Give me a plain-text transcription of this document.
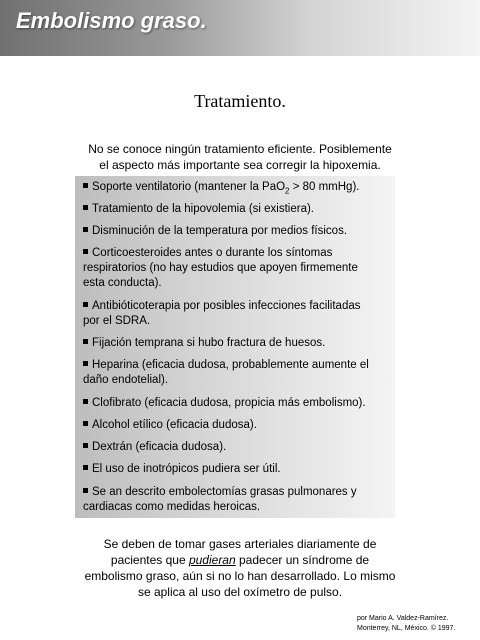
Embolismo graso.
Tratamiento.
No se conoce ningún tratamiento eficiente. Posiblemente
el aspecto más importante sea corregir la hipoxemia.
Soporte ventilatorio (mantener la PaO$_2$ > 80 mmHg).
Tratamiento de la hipovolemia (si existiera).
Disminución de la temperatura por medios físicos.
Corticoesteroides antes o durante los síntomas
respiratorios (no hay estudios que apoyen firmemente
esta conducta).
Antibióticoterapia por posibles infecciones facilitadas
por el SDRA.
Fijación temprana si hubo fractura de huesos.
Heparina (eficacia dudosa, probablemente aumente el
daño endotelial).
Clofibrato (eficacia dudosa, propicia más embolismo).
Alcohol etílico (eficacia dudosa).
Dextrán (eficacia dudosa).
El uso de inotrópicos pudiera ser útil.
Se an descrito embolectomías grasas pulmonares y
cardiacas como medidas heroicas.
Se deben de tomar gases arteriales diariamente de
pacientes que pudieran padecer un síndrome de
embolismo graso, aún si no lo han desarrollado. Lo mismo
se aplica al uso del oxímetro de pulso.
por Mario A. Valdez-Ramírez.
Monterrey, NL, México. © 1997.
